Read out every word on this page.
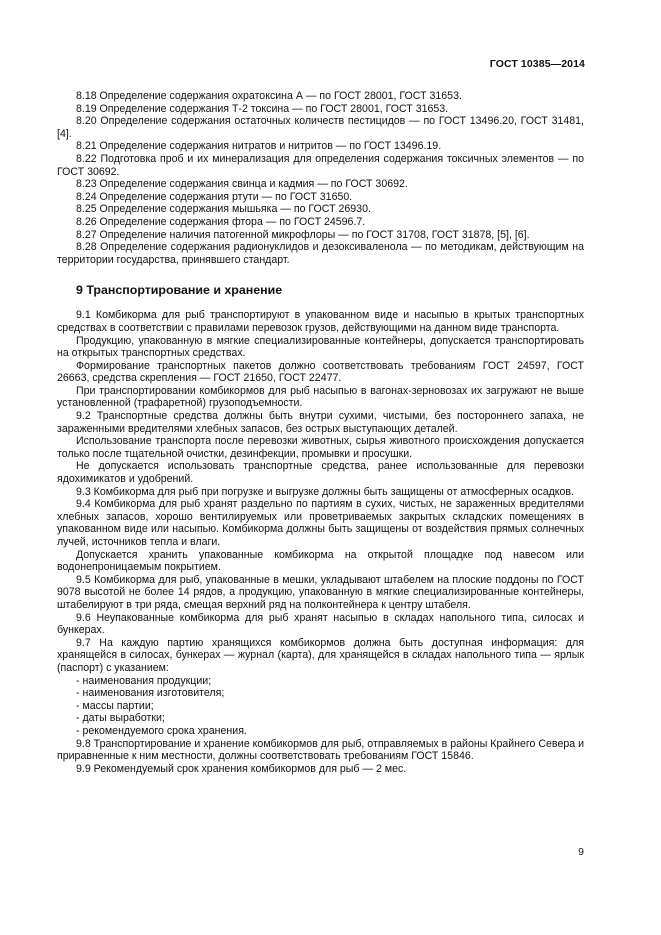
ГОСТ 10385—2014

8.18 Определение содержания охратоксина А — по ГОСТ 28001, ГОСТ 31653.

8.19 Определение содержания Т-2 токсина — по ГОСТ 28001, ГОСТ 31653.

8.20 Определение содержания остаточных количеств пестицидов — по ГОСТ 13496.20, ГОСТ 31481, [4].

8.21 Определение содержания нитратов и нитритов — по ГОСТ 13496.19.

8.22 Подготовка проб и их минерализация для определения содержания токсичных элементов — по ГОСТ 30692.

8.23 Определение содержания свинца и кадмия — по ГОСТ 30692.

8.24 Определение содержания ртути — по ГОСТ 31650.

8.25 Определение содержания мышьяка — по ГОСТ 26930.

8.26 Определение содержания фтора — по ГОСТ 24596.7.

8.27 Определение наличия патогенной микрофлоры — по ГОСТ 31708, ГОСТ 31878, [5], [6].

8.28 Определение содержания радионуклидов и дезоксиваленола — по методикам, действующим на территории государства, принявшего стандарт.

9 Транспортирование и хранение

9.1 Комбикорма для рыб транспортируют в упакованном виде и насыпью в крытых транспортных средствах в соответствии с правилами перевозок грузов, действующими на данном виде транспорта.

Продукцию, упакованную в мягкие специализированные контейнеры, допускается транспортировать на открытых транспортных средствах.

Формирование транспортных пакетов должно соответствовать требованиям ГОСТ 24597, ГОСТ 26663, средства скрепления — ГОСТ 21650, ГОСТ 22477.

При транспортировании комбикормов для рыб насыпью в вагонах-зерновозах их загружают не выше установленной (трафаретной) грузоподъемности.

9.2 Транспортные средства должны быть внутри сухими, чистыми, без постороннего запаха, не зараженными вредителями хлебных запасов, без острых выступающих деталей.

Использование транспорта после перевозки животных, сырья животного происхождения допускается только после тщательной очистки, дезинфекции, промывки и просушки.

Не допускается использовать транспортные средства, ранее использованные для перевозки ядохимикатов и удобрений.

9.3 Комбикорма для рыб при погрузке и выгрузке должны быть защищены от атмосферных осадков.

9.4 Комбикорма для рыб хранят раздельно по партиям в сухих, чистых, не зараженных вредителями хлебных запасов, хорошо вентилируемых или проветриваемых закрытых складских помещениях в упакованном виде или насыпью. Комбикорма должны быть защищены от воздействия прямых солнечных лучей, источников тепла и влаги.

Допускается хранить упакованные комбикорма на открытой площадке под навесом или водонепроницаемым покрытием.

9.5 Комбикорма для рыб, упакованные в мешки, укладывают штабелем на плоские поддоны по ГОСТ 9078 высотой не более 14 рядов, а продукцию, упакованную в мягкие специализированные контейнеры, штабелируют в три ряда, смещая верхний ряд на полконтейнера к центру штабеля.

9.6 Неупакованные комбикорма для рыб хранят насыпью в складах напольного типа, силосах и бункерах.

9.7 На каждую партию хранящихся комбикормов должна быть доступная информация: для хранящейся в силосах, бункерах — журнал (карта), для хранящейся в складах напольного типа — ярлык (паспорт) с указанием:

- наименования продукции;

- наименования изготовителя;

- массы партии;

- даты выработки;

- рекомендуемого срока хранения.

9.8 Транспортирование и хранение комбикормов для рыб, отправляемых в районы Крайнего Севера и приравненные к ним местности, должны соответствовать требованиям ГОСТ 15846.

9.9 Рекомендуемый срок хранения комбикормов для рыб — 2 мес.

9
